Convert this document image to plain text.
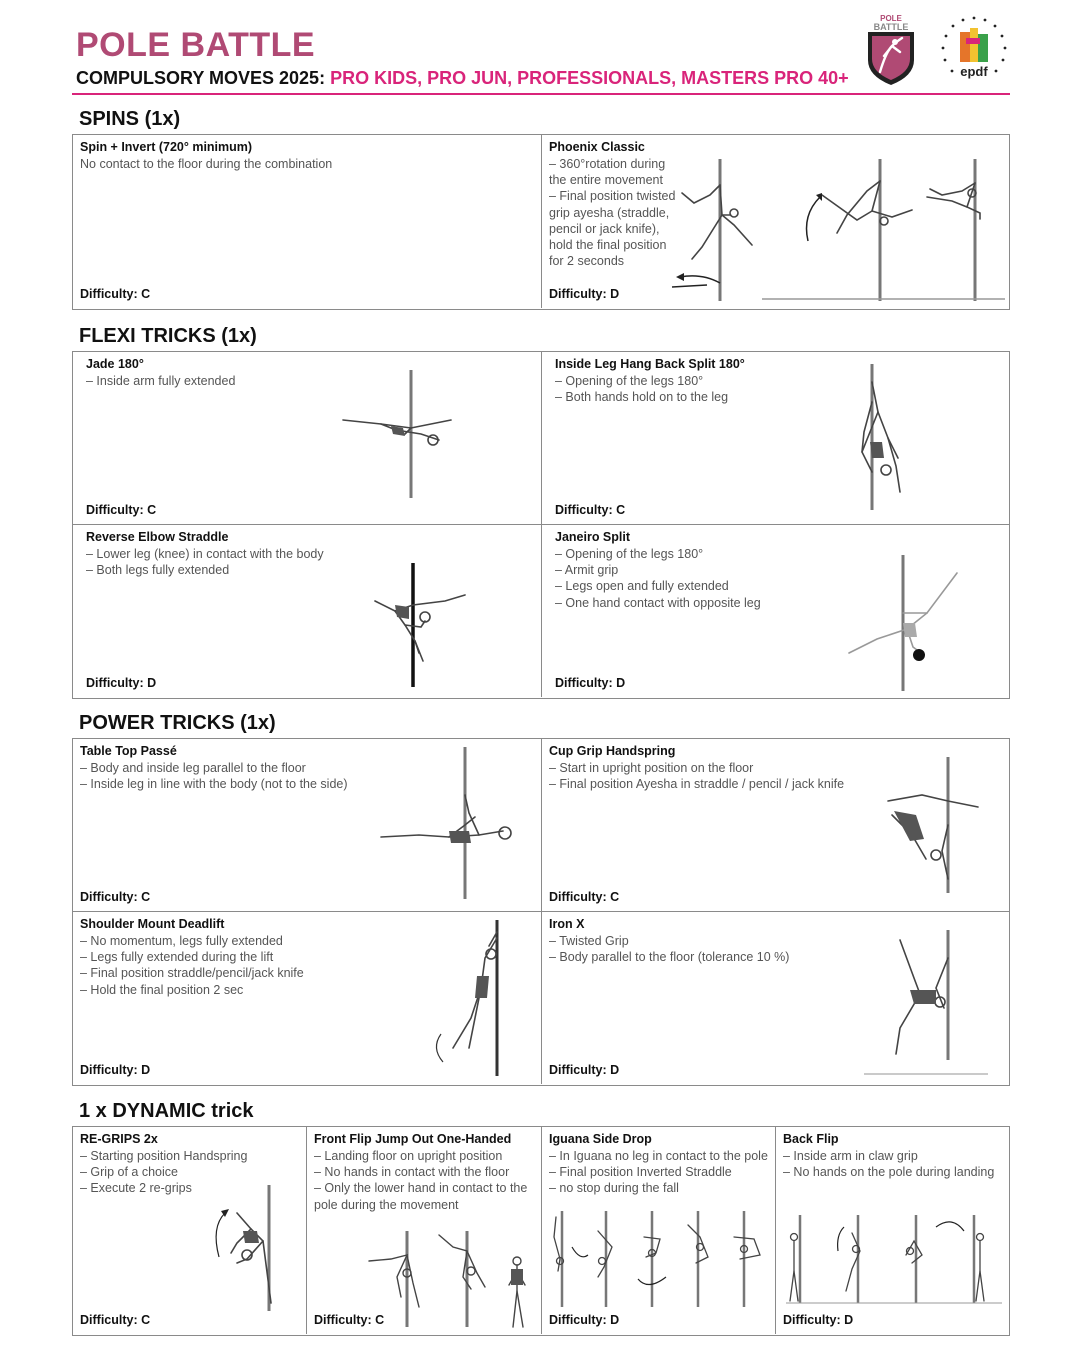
POLE BATTLE
COMPULSORY MOVES 2025: PRO KIDS, PRO JUN, PROFESSIONALS, MASTERS PRO 40+
POLE
BATTLE
epdf
SPINS (1x)
Spin + Invert (720° minimum)
No contact to the floor during the combination
Difficulty: C
Phoenix Classic
– 360°rotation during
the entire movement
– Final position twisted
grip ayesha (straddle,
pencil or jack knife),
hold the final position
for 2 seconds
Difficulty: D
FLEXI TRICKS (1x)
Jade 180°
– Inside arm fully extended
Difficulty: C
Inside Leg Hang Back Split 180°
– Opening of the legs 180°
– Both hands hold on to the leg
Difficulty: C
Reverse Elbow Straddle
– Lower leg (knee) in contact with the body
– Both legs fully extended
Difficulty: D
Janeiro Split
– Opening of the legs 180°
– Armit grip
– Legs open and fully extended
– One hand contact with opposite leg
Difficulty: D
POWER TRICKS (1x)
Table Top Passé
– Body and inside leg parallel to the floor
– Inside leg in line with the body (not to the side)
Difficulty: C
Cup Grip Handspring
– Start in upright position on the floor
– Final position Ayesha in straddle / pencil / jack knife
Difficulty: C
Shoulder Mount Deadlift
– No momentum, legs fully extended
– Legs fully extended during the lift
– Final position straddle/pencil/jack knife
– Hold the final position 2 sec
Difficulty: D
Iron X
– Twisted Grip
– Body parallel to the floor (tolerance 10 %)
Difficulty: D
1 x DYNAMIC trick
RE-GRIPS 2x
– Starting position Handspring
– Grip of a choice
– Execute 2 re-grips
Difficulty: C
Front Flip Jump Out One-Handed
– Landing floor on upright position
– No hands in contact with the floor
– Only the lower hand in contact to the
pole during the movement
Difficulty: C
Iguana Side Drop
– In Iguana no leg in contact to the pole
– Final position Inverted Straddle
– no stop during the fall
Difficulty: D
Back Flip
– Inside arm in claw grip
– No hands on the pole during landing
Difficulty: D
